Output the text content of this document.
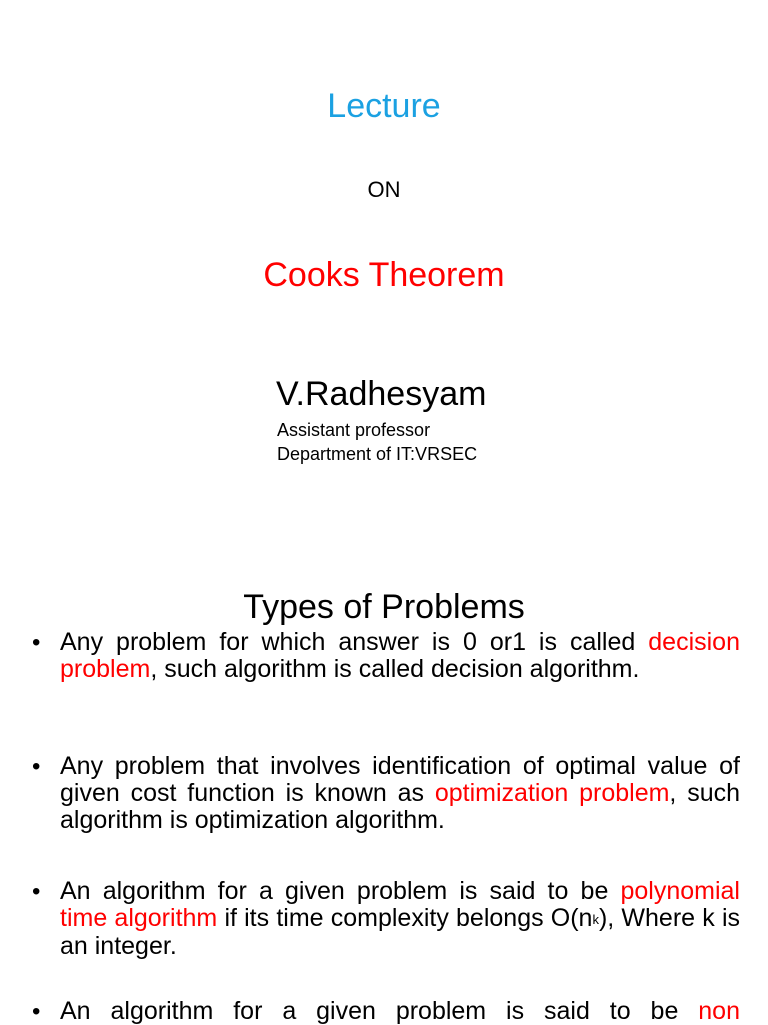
Lecture
ON
Cooks Theorem
V.Radhesyam
Assistant professor
Department of IT:VRSEC
Types of Problems
• Any problem for which answer is 0 or1 is called decision problem, such algorithm is called decision algorithm.
• Any problem that involves identification of optimal value of given cost function is known as optimization problem, such algorithm is optimization algorithm.
• An algorithm for a given problem is said to be polynomial time algorithm if its time complexity belongs $O(n_k)$, Where k is an integer.
• An algorithm for a given problem is said to be non
